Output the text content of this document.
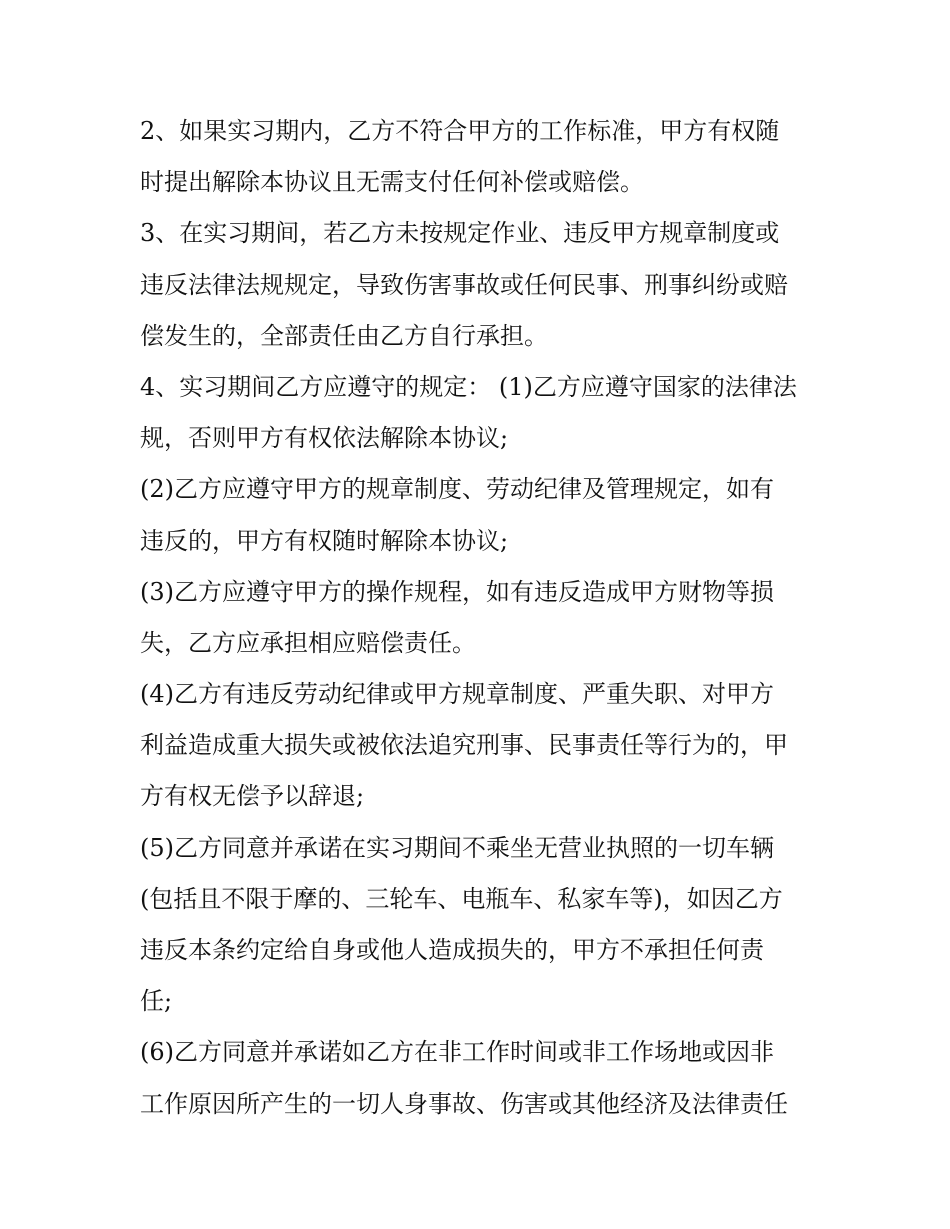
2、如果实习期内，乙方不符合甲方的工作标准，甲方有权随
时提出解除本协议且无需支付任何补偿或赔偿。
3、在实习期间，若乙方未按规定作业、违反甲方规章制度或
违反法律法规规定，导致伤害事故或任何民事、刑事纠纷或赔
偿发生的，全部责任由乙方自行承担。
4、实习期间乙方应遵守的规定： (1)乙方应遵守国家的法律法
规，否则甲方有权依法解除本协议;
(2)乙方应遵守甲方的规章制度、劳动纪律及管理规定，如有
违反的，甲方有权随时解除本协议;
(3)乙方应遵守甲方的操作规程，如有违反造成甲方财物等损
失，乙方应承担相应赔偿责任。
(4)乙方有违反劳动纪律或甲方规章制度、严重失职、对甲方
利益造成重大损失或被依法追究刑事、民事责任等行为的，甲
方有权无偿予以辞退;
(5)乙方同意并承诺在实习期间不乘坐无营业执照的一切车辆
(包括且不限于摩的、三轮车、电瓶车、私家车等)，如因乙方
违反本条约定给自身或他人造成损失的，甲方不承担任何责
任;
(6)乙方同意并承诺如乙方在非工作时间或非工作场地或因非
工作原因所产生的一切人身事故、伤害或其他经济及法律责任
